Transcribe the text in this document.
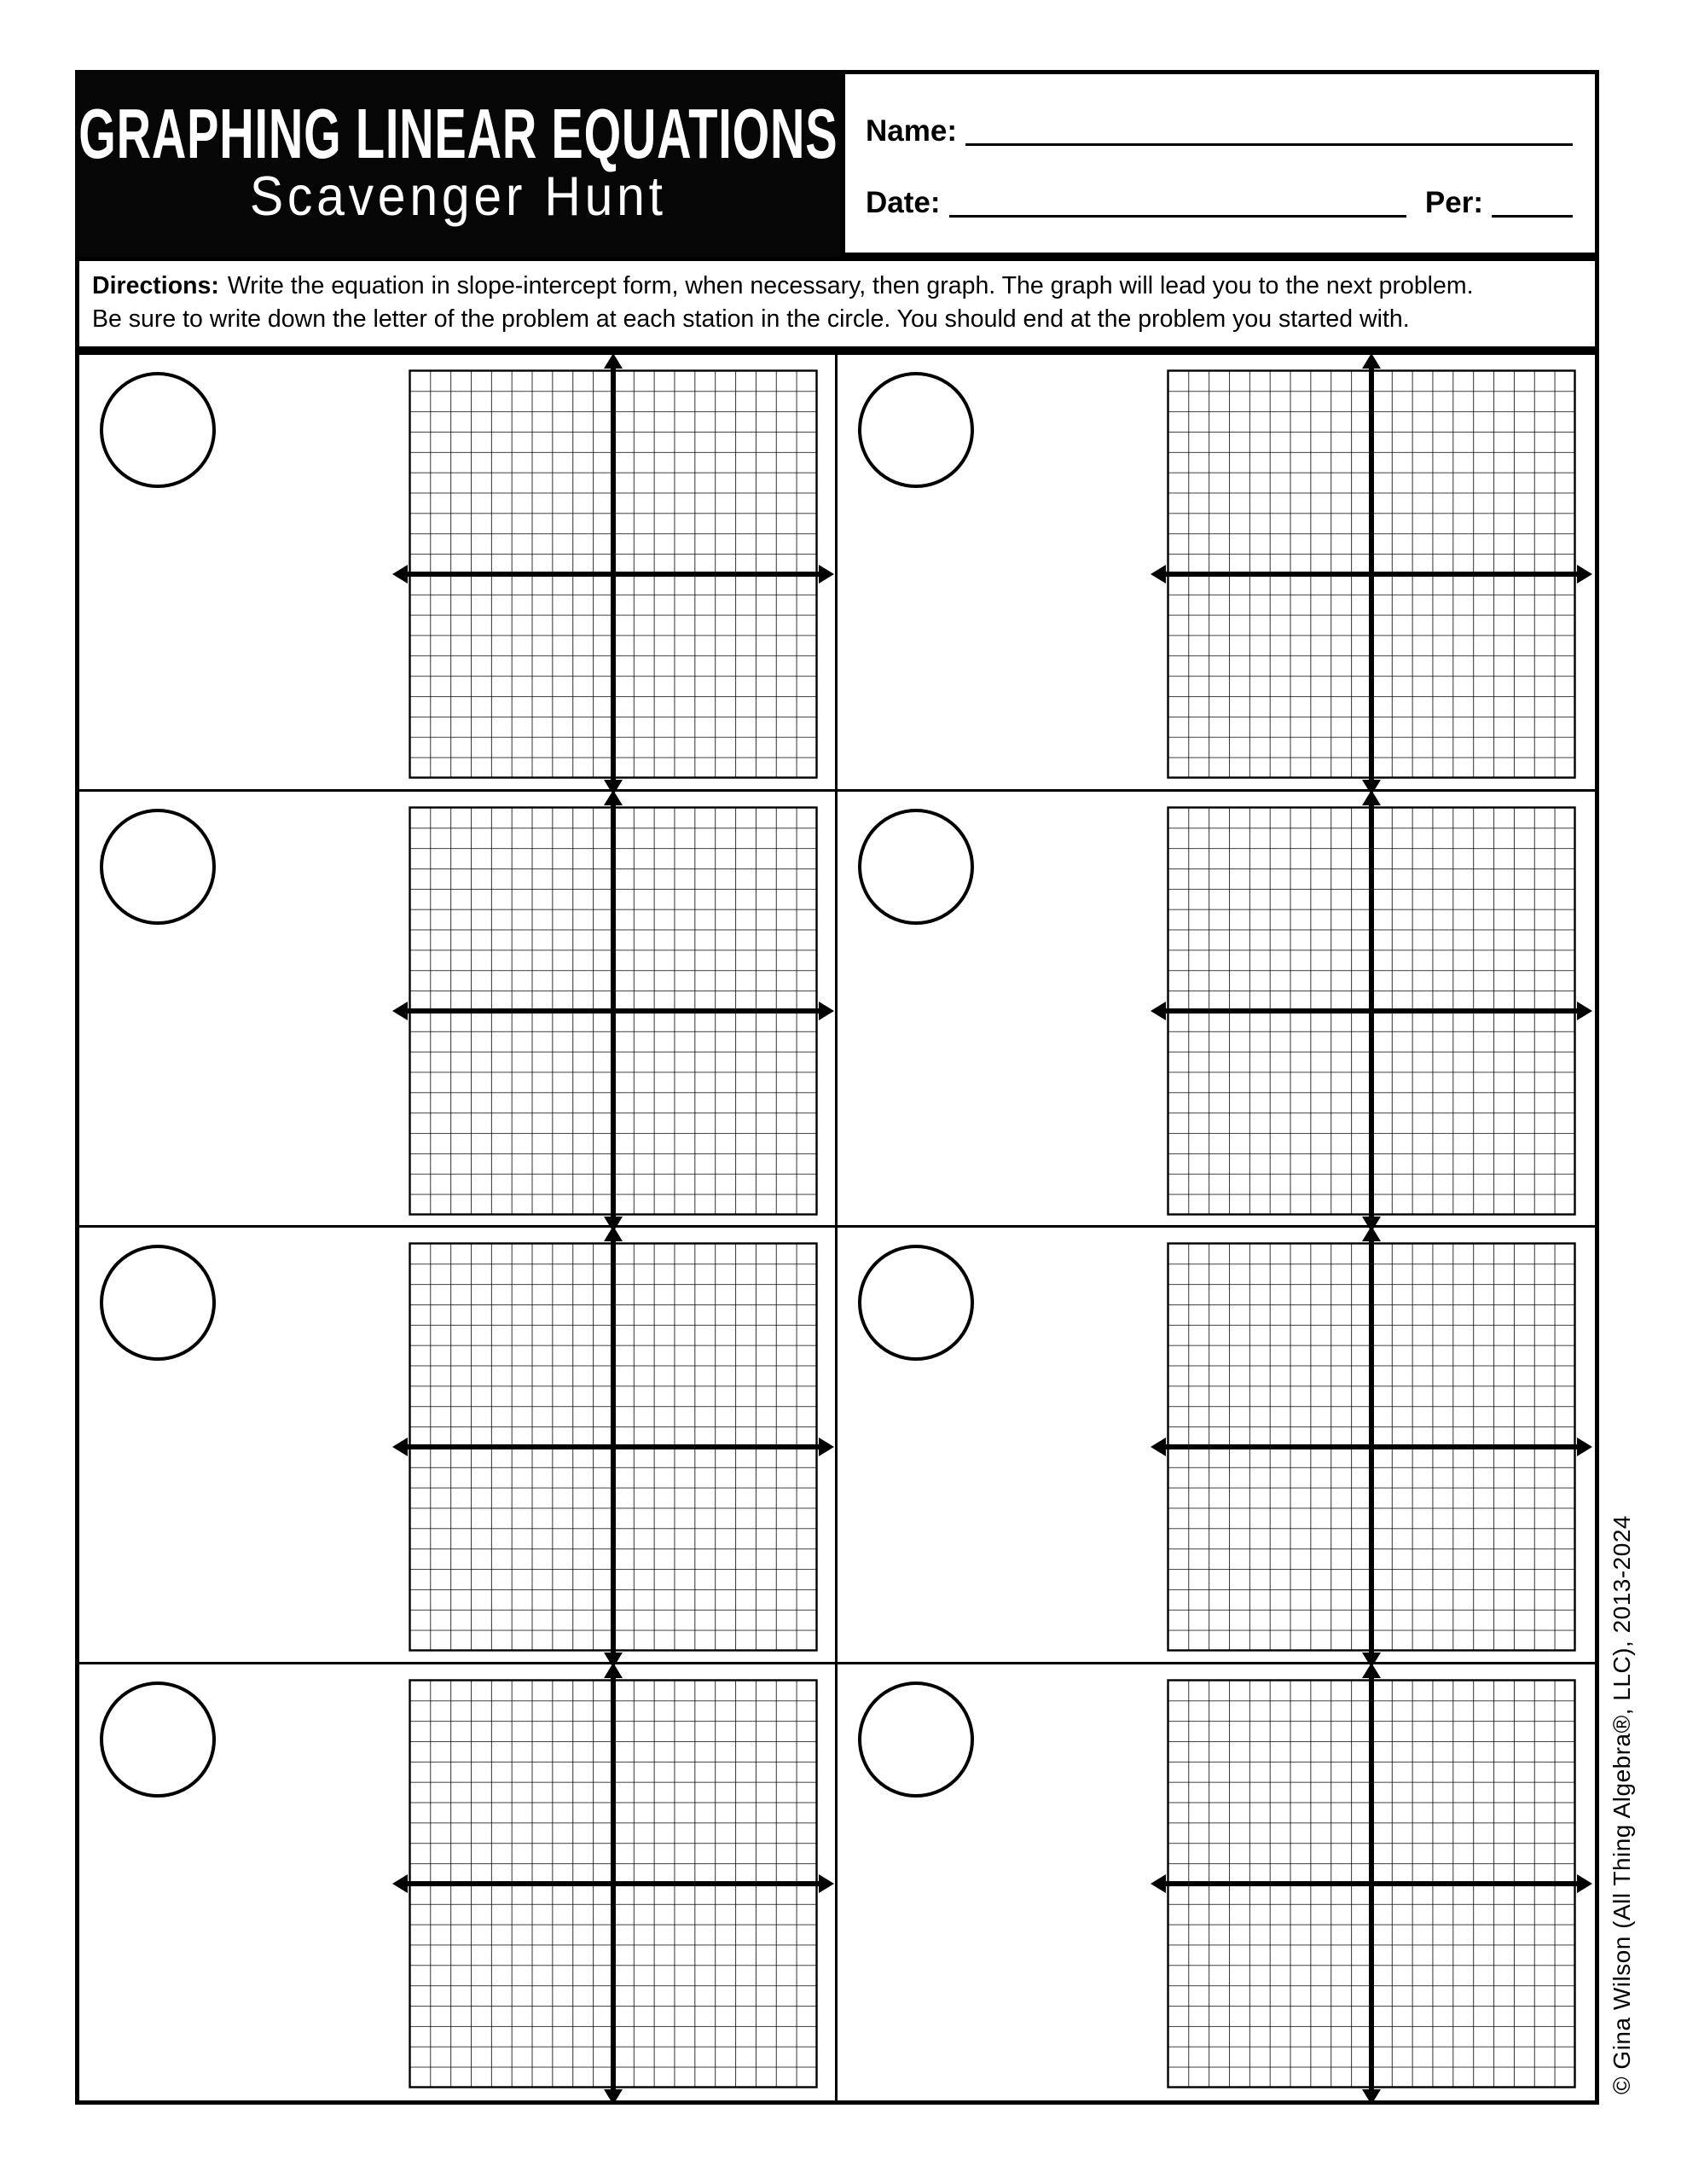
GRAPHING LINEAR EQUATIONS
Scavenger Hunt
Name:
Date:	Per:
Directions: Write the equation in slope-intercept form, when necessary, then graph. The graph will lead you to the next problem.
Be sure to write down the letter of the problem at each station in the circle. You should end at the problem you started with.
© Gina Wilson (All Thing Algebra®, LLC), 2013-2024
